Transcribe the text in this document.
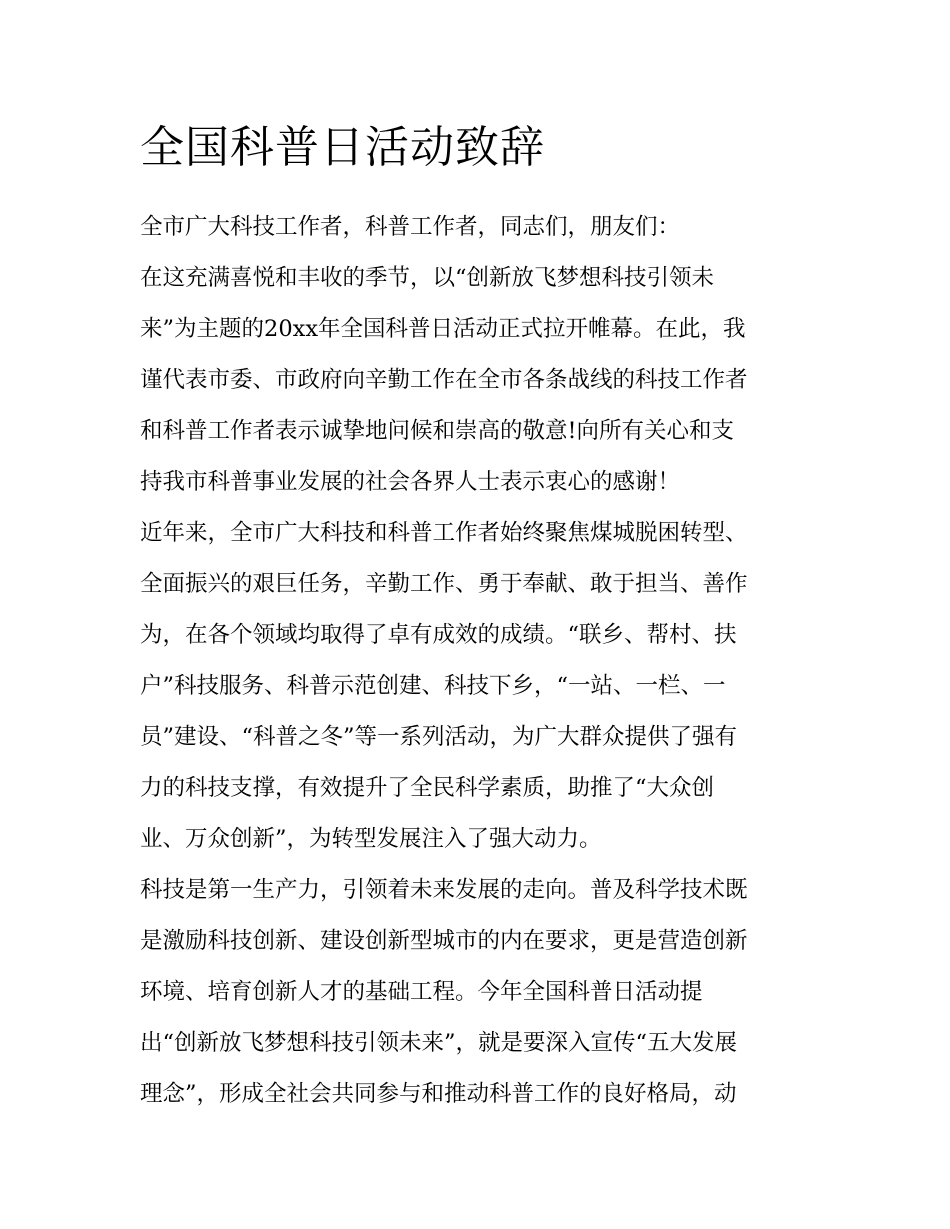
全国科普日活动致辞
全市广大科技工作者，科普工作者，同志们，朋友们：
在这充满喜悦和丰收的季节，以“创新放飞梦想科技引领未
来”为主题的20xx年全国科普日活动正式拉开帷幕。在此，我
谨代表市委、市政府向辛勤工作在全市各条战线的科技工作者
和科普工作者表示诚挚地问候和崇高的敬意!向所有关心和支
持我市科普事业发展的社会各界人士表示衷心的感谢！
近年来，全市广大科技和科普工作者始终聚焦煤城脱困转型、
全面振兴的艰巨任务，辛勤工作、勇于奉献、敢于担当、善作
为，在各个领域均取得了卓有成效的成绩。“联乡、帮村、扶
户”科技服务、科普示范创建、科技下乡，“一站、一栏、一
员”建设、“科普之冬”等一系列活动，为广大群众提供了强有
力的科技支撑，有效提升了全民科学素质，助推了“大众创
业、万众创新”，为转型发展注入了强大动力。
科技是第一生产力，引领着未来发展的走向。普及科学技术既
是激励科技创新、建设创新型城市的内在要求，更是营造创新
环境、培育创新人才的基础工程。今年全国科普日活动提
出“创新放飞梦想科技引领未来”，就是要深入宣传“五大发展
理念”，形成全社会共同参与和推动科普工作的良好格局，动
